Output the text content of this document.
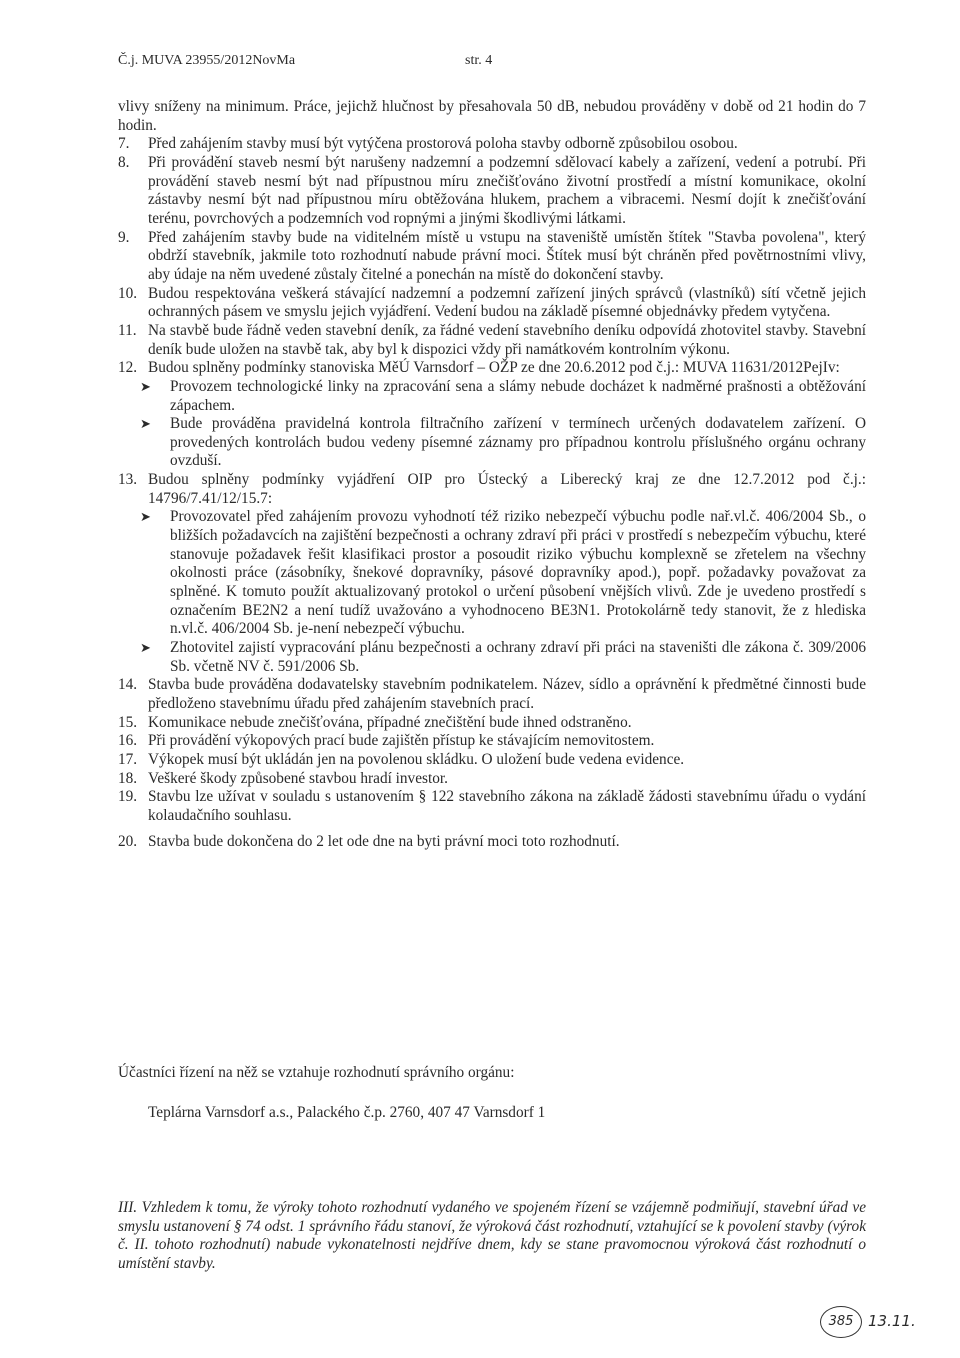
Č.j. MUVA 23955/2012NovMa	str. 4
vlivy sníženy na minimum. Práce, jejichž hlučnost by přesahovala 50 dB, nebudou prováděny v době od 21 hodin do 7 hodin.
7. Před zahájením stavby musí být vytýčena prostorová poloha stavby odborně způsobilou osobou.
8. Při provádění staveb nesmí být narušeny nadzemní a podzemní sdělovací kabely a zařízení, vedení a potrubí. Při provádění staveb nesmí být nad přípustnou míru znečišťováno životní prostředí a místní komunikace, okolní zástavby nesmí být nad přípustnou míru obtěžována hlukem, prachem a vibracemi. Nesmí dojít k znečišťování terénu, povrchových a podzemních vod ropnými a jinými škodlivými látkami.
9. Před zahájením stavby bude na viditelném místě u vstupu na staveniště umístěn štítek "Stavba povolena", který obdrží stavebník, jakmile toto rozhodnutí nabude právní moci. Štítek musí být chráněn před povětrnostními vlivy, aby údaje na něm uvedené zůstaly čitelné a ponechán na místě do dokončení stavby.
10. Budou respektována veškerá stávající nadzemní a podzemní zařízení jiných správců (vlastníků) sítí včetně jejich ochranných pásem ve smyslu jejich vyjádření. Vedení budou na základě písemné objednávky předem vytyčena.
11. Na stavbě bude řádně veden stavební deník, za řádné vedení stavebního deníku odpovídá zhotovitel stavby. Stavební deník bude uložen na stavbě tak, aby byl k dispozici vždy při namátkovém kontrolním výkonu.
12. Budou splněny podmínky stanoviska MěÚ Varnsdorf – OŽP ze dne 20.6.2012 pod č.j.: MUVA 11631/2012PejIv:
➤ Provozem technologické linky na zpracování sena a slámy nebude docházet k nadměrné prašnosti a obtěžování zápachem.
➤ Bude prováděna pravidelná kontrola filtračního zařízení v termínech určených dodavatelem zařízení. O provedených kontrolách budou vedeny písemné záznamy pro případnou kontrolu příslušného orgánu ochrany ovzduší.
13. Budou splněny podmínky vyjádření OIP pro Ústecký a Liberecký kraj ze dne 12.7.2012 pod č.j.: 14796/7.41/12/15.7:
➤ Provozovatel před zahájením provozu vyhodnotí též riziko nebezpečí výbuchu podle nař.vl.č. 406/2004 Sb., o bližších požadavcích na zajištění bezpečnosti a ochrany zdraví při práci v prostředí s nebezpečím výbuchu, které stanovuje požadavek řešit klasifikaci prostor a posoudit riziko výbuchu komplexně se zřetelem na všechny okolnosti práce (zásobníky, šnekové dopravníky, pásové dopravníky apod.), popř. požadavky považovat za splněné. K tomuto použít aktualizovaný protokol o určení působení vnějších vlivů. Zde je uvedeno prostředí s označením BE2N2 a není tudíž uvažováno a vyhodnoceno BE3N1. Protokolárně tedy stanovit, že z hlediska n.vl.č. 406/2004 Sb. je-není nebezpečí výbuchu.
➤ Zhotovitel zajistí vypracování plánu bezpečnosti a ochrany zdraví při práci na staveništi dle zákona č. 309/2006 Sb. včetně NV č. 591/2006 Sb.
14. Stavba bude prováděna dodavatelsky stavebním podnikatelem. Název, sídlo a oprávnění k předmětné činnosti bude předloženo stavebnímu úřadu před zahájením stavebních prací.
15. Komunikace nebude znečišťována, případné znečištění bude ihned odstraněno.
16. Při provádění výkopových prací bude zajištěn přístup ke stávajícím nemovitostem.
17. Výkopek musí být ukládán jen na povolenou skládku. O uložení bude vedena evidence.
18. Veškeré škody způsobené stavbou hradí investor.
19. Stavbu lze užívat v souladu s ustanovením § 122 stavebního zákona na základě žádosti stavebnímu úřadu o vydání kolaudačního souhlasu.
20. Stavba bude dokončena do 2 let ode dne na byti právní moci toto rozhodnutí.
Účastníci řízení na něž se vztahuje rozhodnutí správního orgánu:
Teplárna Varnsdorf a.s., Palackého č.p. 2760, 407 47 Varnsdorf 1
III. Vzhledem k tomu, že výroky tohoto rozhodnutí vydaného ve spojeném řízení se vzájemně podmiňují, stavební úřad ve smyslu ustanovení § 74 odst. 1 správního řádu stanoví, že výroková část rozhodnutí, vztahující se k povolení stavby (výrok č. II. tohoto rozhodnutí) nabude vykonatelnosti nejdříve dnem, kdy se stane pravomocnou výroková část rozhodnutí o umístění stavby.
385 13.11.
